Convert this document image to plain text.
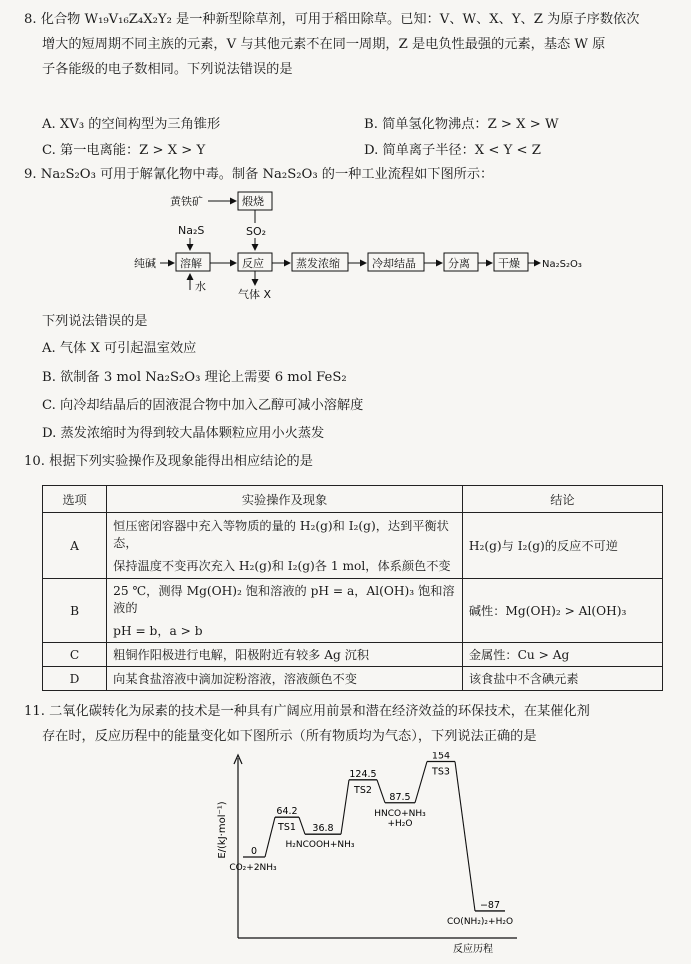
8. 化合物 W₁₉V₁₆Z₄X₂Y₂ 是一种新型除草剂，可用于稻田除草。已知：V、W、X、Y、Z 为原子序数依次
增大的短周期不同主族的元素，V 与其他元素不在同一周期，Z 是电负性最强的元素，基态 W 原
子各能级的电子数相同。下列说法错误的是
A. XV₃ 的空间构型为三角锥形	B. 简单氢化物沸点：Z > X > W
C. 第一电离能：Z > X > Y	D. 简单离子半径：X < Y < Z
9. Na₂S₂O₃ 可用于解氰化物中毒。制备 Na₂S₂O₃ 的一种工业流程如下图所示：
黄铁矿	煅烧
SO₂
Na₂S
纯碱 溶解
水
反应
气体 X
蒸发浓缩	冷却结晶	分离	干燥 Na₂S₂O₃
下列说法错误的是
A. 气体 X 可引起温室效应
B. 欲制备 3 mol Na₂S₂O₃ 理论上需要 6 mol FeS₂
C. 向冷却结晶后的固液混合物中加入乙醇可减小溶解度
D. 蒸发浓缩时为得到较大晶体颗粒应用小火蒸发
10. 根据下列实验操作及现象能得出相应结论的是
选项	实验操作及现象	结论
A	恒压密闭容器中充入等物质的量的 H₂(g)和 I₂(g)，达到平衡状态，
保持温度不变再次充入 H₂(g)和 I₂(g)各 1 mol，体系颜色不变	H₂(g)与 I₂(g)的反应不可逆
B	25 ℃，测得 Mg(OH)₂ 饱和溶液的 pH = a，Al(OH)₃ 饱和溶液的
pH = b，a > b	碱性：Mg(OH)₂ > Al(OH)₃
C	粗铜作阳极进行电解，阳极附近有较多 Ag 沉积	金属性：Cu > Ag
D	向某食盐溶液中滴加淀粉溶液，溶液颜色不变	该食盐中不含碘元素
11. 二氧化碳转化为尿素的技术是一种具有广阔应用前景和潜在经济效益的环保技术，在某催化剂
存在时，反应历程中的能量变化如下图所示（所有物质均为气态），下列说法正确的是
E/(kJ·mol⁻¹)
反应历程
0
CO₂+2NH₃
64.2
TS1 36.8
H₂NCOOH+NH₃
124.5
TS2
87.5
HNCO+NH₃ +H₂O
154
TS3
−87
CO(NH₂)₂+H₂O
